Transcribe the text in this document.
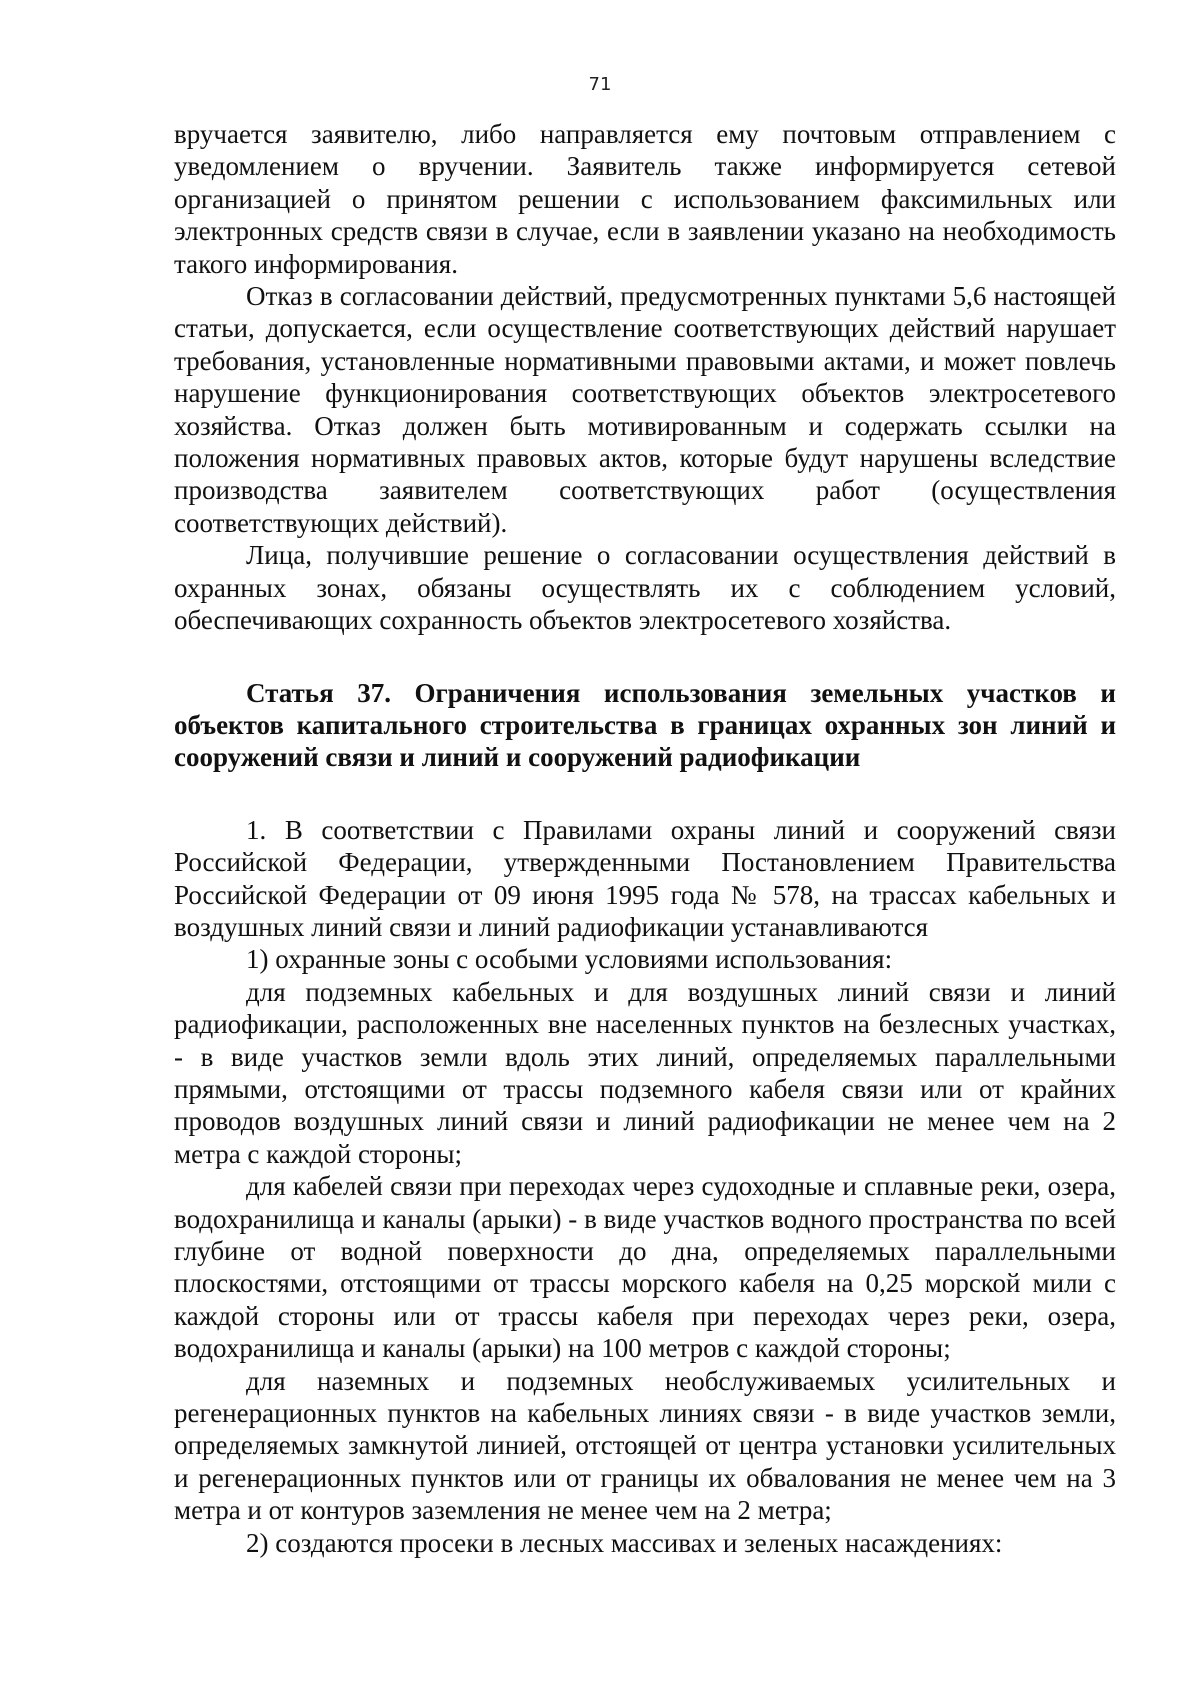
71

вручается заявителю, либо направляется ему почтовым отправлением с уведомлением о вручении. Заявитель также информируется сетевой организацией о принятом решении с использованием факсимильных или электронных средств связи в случае, если в заявлении указано на необходимость такого информирования.

Отказ в согласовании действий, предусмотренных пунктами 5,6 настоящей статьи, допускается, если осуществление соответствующих действий нарушает требования, установленные нормативными правовыми актами, и может повлечь нарушение функционирования соответствующих объектов электросетевого хозяйства. Отказ должен быть мотивированным и содержать ссылки на положения нормативных правовых актов, которые будут нарушены вследствие производства заявителем соответствующих работ (осуществления соответствующих действий).

Лица, получившие решение о согласовании осуществления действий в охранных зонах, обязаны осуществлять их с соблюдением условий, обеспечивающих сохранность объектов электросетевого хозяйства.

Статья 37. Ограничения использования земельных участков и объектов капитального строительства в границах охранных зон линий и сооружений связи и линий и сооружений радиофикации

1. В соответствии с Правилами охраны линий и сооружений связи Российской Федерации, утвержденными Постановлением Правительства Российской Федерации от 09 июня 1995 года № 578, на трассах кабельных и воздушных линий связи и линий радиофикации устанавливаются

1) охранные зоны с особыми условиями использования:

для подземных кабельных и для воздушных линий связи и линий радиофикации, расположенных вне населенных пунктов на безлесных участках, - в виде участков земли вдоль этих линий, определяемых параллельными прямыми, отстоящими от трассы подземного кабеля связи или от крайних проводов воздушных линий связи и линий радиофикации не менее чем на 2 метра с каждой стороны;

для кабелей связи при переходах через судоходные и сплавные реки, озера, водохранилища и каналы (арыки) - в виде участков водного пространства по всей глубине от водной поверхности до дна, определяемых параллельными плоскостями, отстоящими от трассы морского кабеля на 0,25 морской мили с каждой стороны или от трассы кабеля при переходах через реки, озера, водохранилища и каналы (арыки) на 100 метров с каждой стороны;

для наземных и подземных необслуживаемых усилительных и регенерационных пунктов на кабельных линиях связи - в виде участков земли, определяемых замкнутой линией, отстоящей от центра установки усилительных и регенерационных пунктов или от границы их обвалования не менее чем на 3 метра и от контуров заземления не менее чем на 2 метра;

2) создаются просеки в лесных массивах и зеленых насаждениях:
